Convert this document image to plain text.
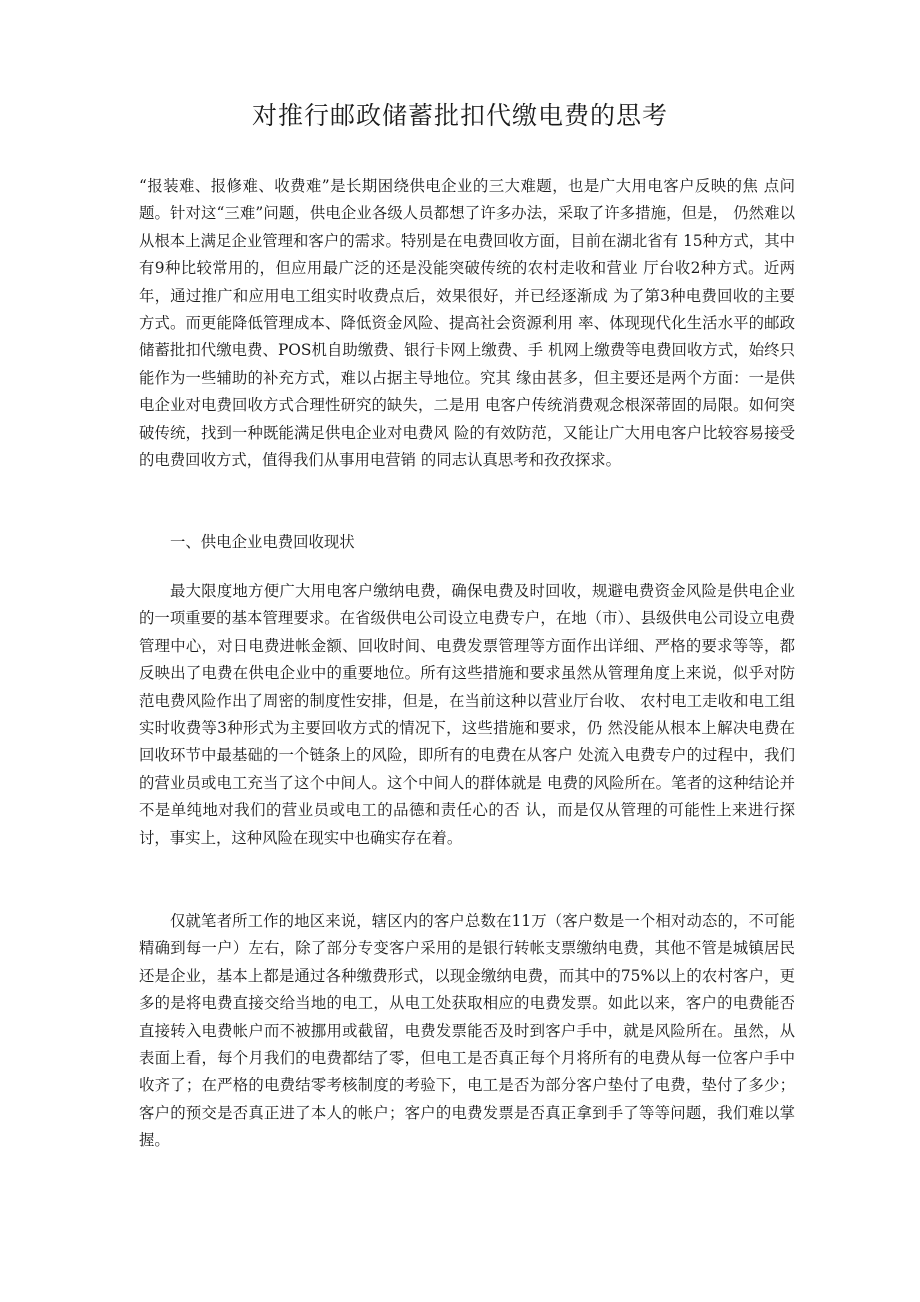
对推行邮政储蓄批扣代缴电费的思考

“报装难、报修难、收费难”是长期困绕供电企业的三大难题，也是广大用电客户反映的焦 点问题。针对这“三难”问题，供电企业各级人员都想了许多办法，采取了许多措施，但是， 仍然难以从根本上满足企业管理和客户的需求。特别是在电费回收方面，目前在湖北省有 15种方式，其中有9种比较常用的，但应用最广泛的还是没能突破传统的农村走收和营业 厅台收2种方式。近两年，通过推广和应用电工组实时收费点后，效果很好，并已经逐渐成 为了第3种电费回收的主要方式。而更能降低管理成本、降低资金风险、提高社会资源利用 率、体现现代化生活水平的邮政储蓄批扣代缴电费、POS机自助缴费、银行卡网上缴费、手 机网上缴费等电费回收方式，始终只能作为一些辅助的补充方式，难以占据主导地位。究其 缘由甚多，但主要还是两个方面：一是供电企业对电费回收方式合理性研究的缺失，二是用 电客户传统消费观念根深蒂固的局限。如何突破传统，找到一种既能满足供电企业对电费风 险的有效防范，又能让广大用电客户比较容易接受的电费回收方式，值得我们从事用电营销 的同志认真思考和孜孜探求。

一、供电企业电费回收现状

最大限度地方便广大用电客户缴纳电费，确保电费及时回收，规避电费资金风险是供电企业的一项重要的基本管理要求。在省级供电公司设立电费专户，在地（市）、县级供电公司设立电费管理中心，对日电费进帐金额、回收时间、电费发票管理等方面作出详细、严格的要求等等，都反映出了电费在供电企业中的重要地位。所有这些措施和要求虽然从管理角度上来说，似乎对防范电费风险作出了周密的制度性安排，但是，在当前这种以营业厅台收、 农村电工走收和电工组实时收费等3种形式为主要回收方式的情况下，这些措施和要求，仍 然没能从根本上解决电费在回收环节中最基础的一个链条上的风险，即所有的电费在从客户 处流入电费专户的过程中，我们的营业员或电工充当了这个中间人。这个中间人的群体就是 电费的风险所在。笔者的这种结论并不是单纯地对我们的营业员或电工的品德和责任心的否 认，而是仅从管理的可能性上来进行探讨，事实上，这种风险在现实中也确实存在着。

仅就笔者所工作的地区来说，辖区内的客户总数在11万（客户数是一个相对动态的，不可能精确到每一户）左右，除了部分专变客户采用的是银行转帐支票缴纳电费，其他不管是城镇居民还是企业，基本上都是通过各种缴费形式，以现金缴纳电费，而其中的75%以上的农村客户，更多的是将电费直接交给当地的电工，从电工处获取相应的电费发票。如此以来，客户的电费能否直接转入电费帐户而不被挪用或截留，电费发票能否及时到客户手中，就是风险所在。虽然，从表面上看，每个月我们的电费都结了零，但电工是否真正每个月将所有的电费从每一位客户手中收齐了；在严格的电费结零考核制度的考验下，电工是否为部分客户垫付了电费，垫付了多少；客户的预交是否真正进了本人的帐户；客户的电费发票是否真正拿到手了等等问题，我们难以掌握。
